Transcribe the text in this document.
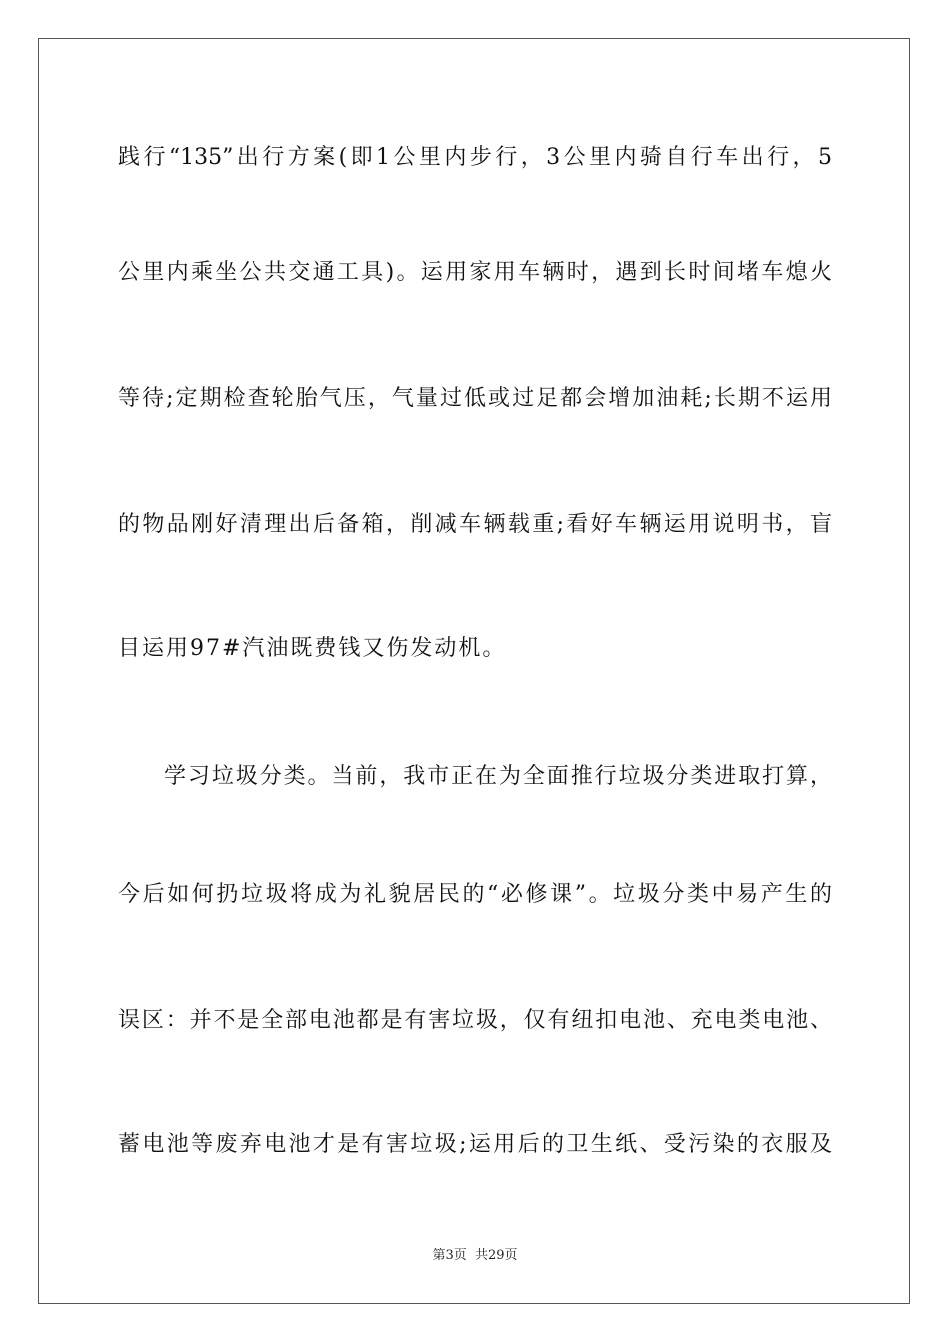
践行“135”出行方案(即1公里内步行，3公里内骑自行车出行，5
公里内乘坐公共交通工具)。运用家用车辆时，遇到长时间堵车熄火
等待;定期检查轮胎气压，气量过低或过足都会增加油耗;长期不运用
的物品刚好清理出后备箱，削减车辆载重;看好车辆运用说明书，盲
目运用97#汽油既费钱又伤发动机。
学习垃圾分类。当前，我市正在为全面推行垃圾分类进取打算，
今后如何扔垃圾将成为礼貌居民的“必修课”。垃圾分类中易产生的
误区：并不是全部电池都是有害垃圾，仅有纽扣电池、充电类电池、
蓄电池等废弃电池才是有害垃圾;运用后的卫生纸、受污染的衣服及
第3页 共29页
